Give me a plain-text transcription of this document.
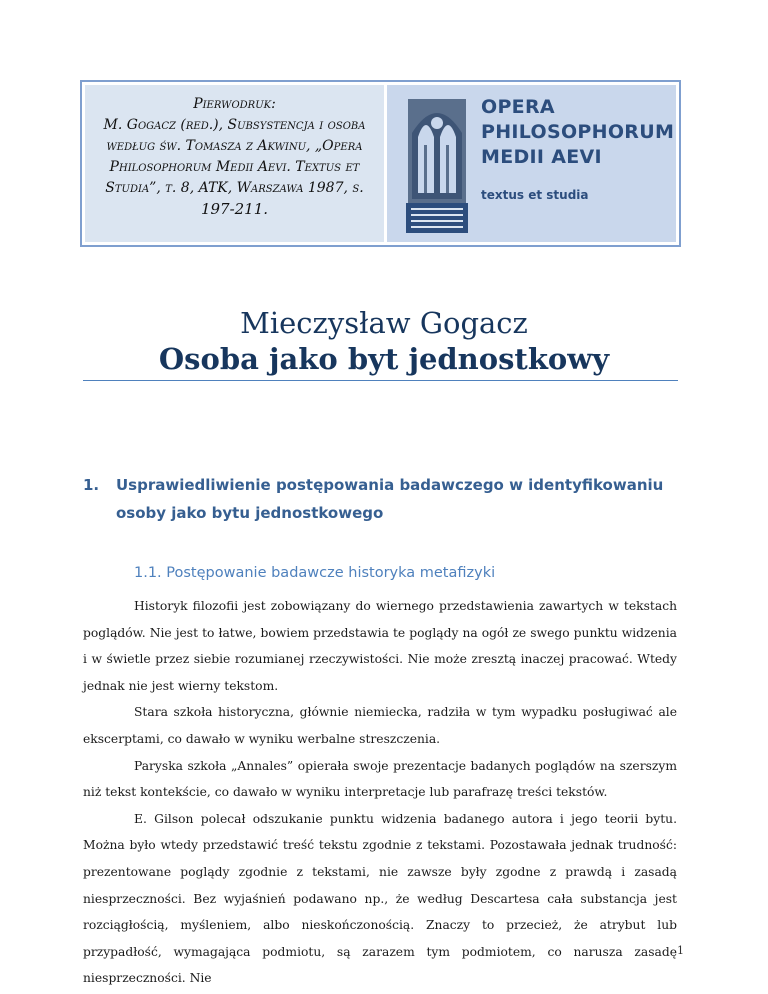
Pierwodruk:
M. Gogacz (red.), Subsystencja i osoba
według św. Tomasza z Akwinu, „Opera
Philosophorum Medii Aevi. Textus et
Studia”, t. 8, ATK, Warszawa 1987, s.
197-211.
OPERA
PHILOSOPHORUM
MEDII AEVI
textus et studia
Mieczysław Gogacz
Osoba jako byt jednostkowy
1. Usprawiedliwienie postępowania badawczego w identyfikowaniu
osoby jako bytu jednostkowego
1.1. Postępowanie badawcze historyka metafizyki

Historyk filozofii jest zobowiązany do wiernego przedstawienia zawartych w tekstach poglądów. Nie jest to łatwe, bowiem przedstawia te poglądy na ogół ze swego punktu widzenia i w świetle przez siebie rozumianej rzeczywistości. Nie może zresztą inaczej pracować. Wtedy jednak nie jest wierny tekstom.

Stara szkoła historyczna, głównie niemiecka, radziła w tym wypadku posługiwać ale ekscerptami, co dawało w wyniku werbalne streszczenia.

Paryska szkoła „Annales” opierała swoje prezentacje badanych poglądów na szerszym niż tekst kontekście, co dawało w wyniku interpretacje lub parafrazę treści tekstów.

E. Gilson polecał odszukanie punktu widzenia badanego autora i jego teorii bytu. Można było wtedy przedstawić treść tekstu zgodnie z tekstami. Pozostawała jednak trudność: prezentowane poglądy zgodnie z tekstami, nie zawsze były zgodne z prawdą i zasadą niesprzeczności. Bez wyjaśnień podawano np., że według Descartesa cała substancja jest rozciągłością, myśleniem, albo nieskończonością. Znaczy to przecież, że atrybut lub przypadłość, wymagająca podmiotu, są zarazem tym podmiotem, co narusza zasadę niesprzeczności. Nie

1
